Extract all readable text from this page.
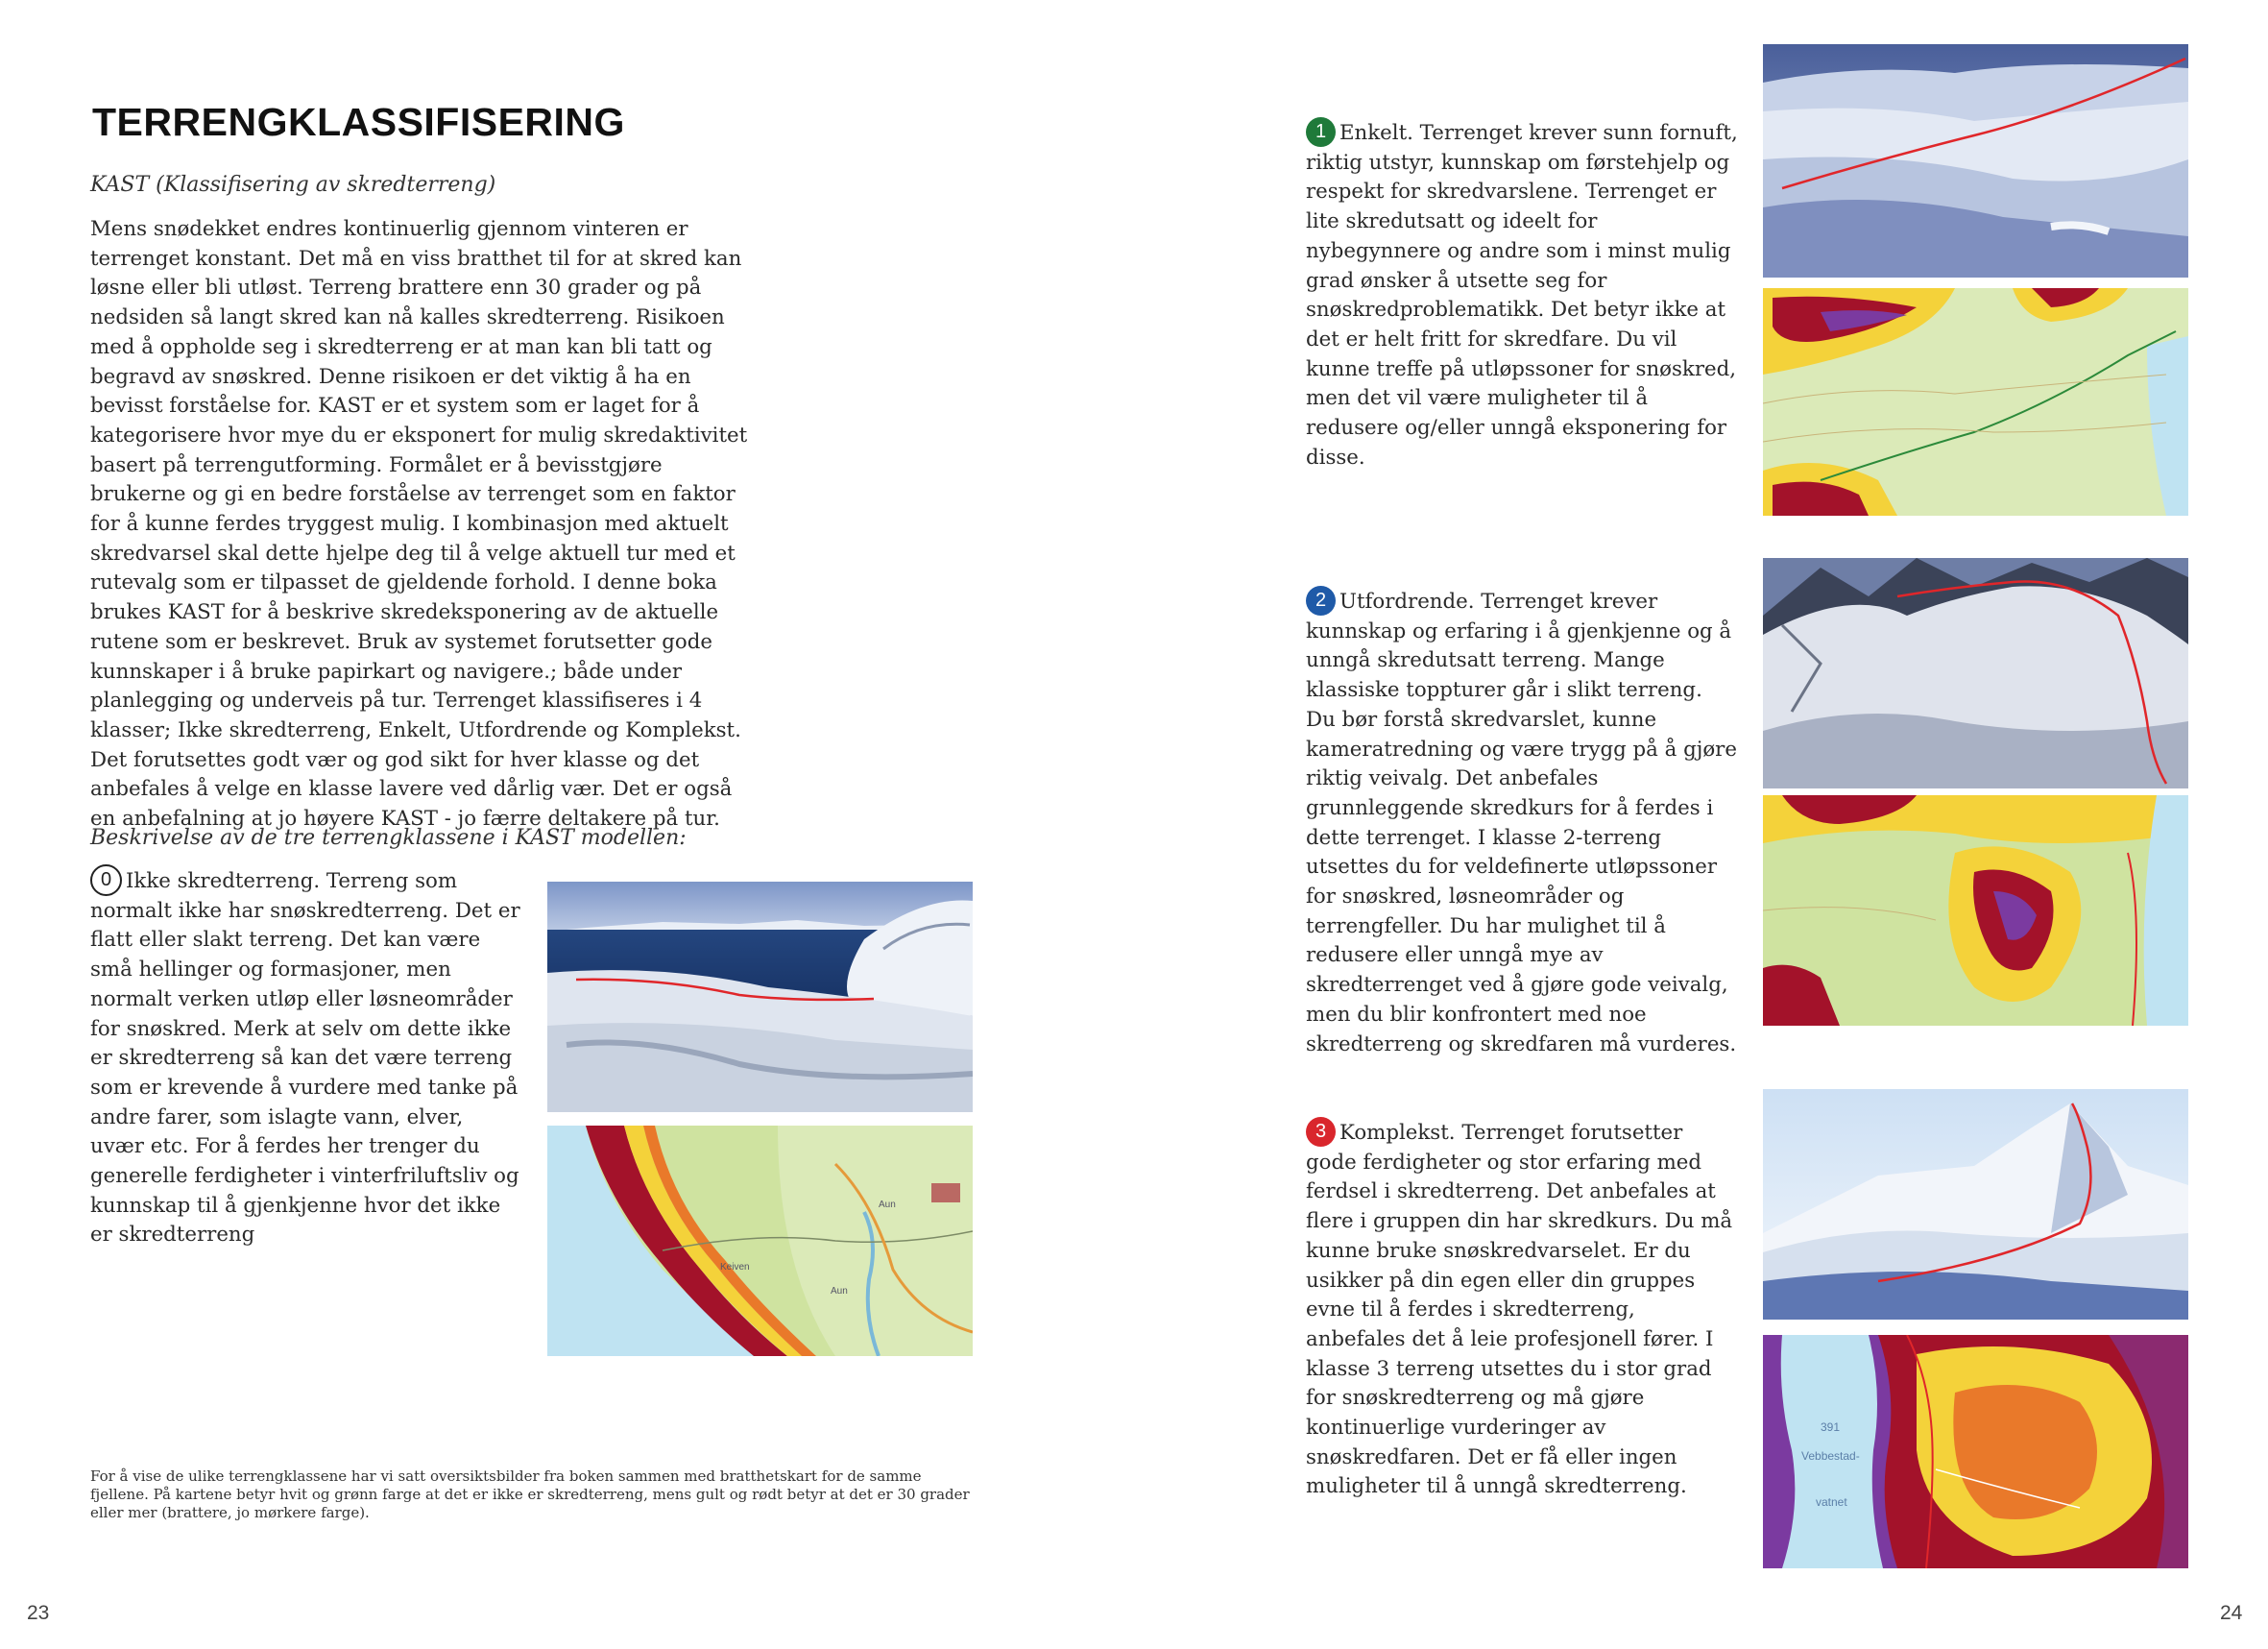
TERRENGKLASSIFISERING
KAST (Klassifisering av skredterreng)

Mens snødekket endres kontinuerlig gjennom vinteren er terrenget konstant. Det må en viss bratthet til for at skred kan løsne eller bli utløst. Terreng brattere enn 30 grader og på nedsiden så langt skred kan nå kalles skredterreng. Risikoen med å oppholde seg i skredterreng er at man kan bli tatt og begravd av snøskred. Denne risikoen er det viktig å ha en bevisst forståelse for. KAST er et system som er laget for å kategorisere hvor mye du er eksponert for mulig skredaktivitet basert på terrengutforming. Formålet er å bevisstgjøre brukerne og gi en bedre forståelse av terrenget som en faktor for å kunne ferdes tryggest mulig. I kombinasjon med aktuelt skredvarsel skal dette hjelpe deg til å velge aktuell tur med et rutevalg som er tilpasset de gjeldende forhold. I denne boka brukes KAST for å beskrive skredeksponering av de aktuelle rutene som er beskrevet. Bruk av systemet forutsetter gode kunnskaper i å bruke papirkart og navigere.; både under planlegging og underveis på tur. Terrenget klassifiseres i 4 klasser; Ikke skredterreng, Enkelt, Utfordrende og Komplekst. Det forutsettes godt vær og god sikt for hver klasse og det anbefales å velge en klasse lavere ved dårlig vær. Det er også en anbefalning at jo høyere KAST - jo færre deltakere på tur.

Beskrivelse av de tre terrengklassene i KAST modellen:

0 Ikke skredterreng. Terreng som normalt ikke har snøskredterreng. Det er flatt eller slakt terreng. Det kan være små hellinger og formasjoner, men normalt verken utløp eller løsneområder for snøskred. Merk at selv om dette ikke er skredterreng så kan det være terreng som er krevende å vurdere med tanke på andre farer, som islagte vann, elver, uvær etc. For å ferdes her trenger du generelle ferdigheter i vinterfriluftsliv og kunnskap til å gjenkjenne hvor det ikke er skredterreng

Aun
Keiven
Aun
For å vise de ulike terrengklassene har vi satt oversiktsbilder fra boken sammen med bratthetskart for de samme fjellene. På kartene betyr hvit og grønn farge at det er ikke er skredterreng, mens gult og rødt betyr at det er 30 grader eller mer (brattere, jo mørkere farge).
23

1 Enkelt. Terrenget krever sunn fornuft, riktig utstyr, kunnskap om førstehjelp og respekt for skredvarslene. Terrenget er lite skredutsatt og ideelt for nybegynnere og andre som i minst mulig grad ønsker å utsette seg for snøskredproblematikk. Det betyr ikke at det er helt fritt for skredfare. Du vil kunne treffe på utløpssoner for snøskred, men det vil være muligheter til å redusere og/eller unngå eksponering for disse.

2 Utfordrende. Terrenget krever kunnskap og erfaring i å gjenkjenne og å unngå skredutsatt terreng. Mange klassiske toppturer går i slikt terreng. Du bør forstå skredvarslet, kunne kameratredning og være trygg på å gjøre riktig veivalg. Det anbefales grunnleggende skredkurs for å ferdes i dette terrenget. I klasse 2-terreng utsettes du for veldefinerte utløpssoner for snøskred, løsneområder og terrengfeller. Du har mulighet til å redusere eller unngå mye av skredterrenget ved å gjøre gode veivalg, men du blir konfrontert med noe skredterreng og skredfaren må vurderes.

3 Komplekst. Terrenget forutsetter gode ferdigheter og stor erfaring med ferdsel i skredterreng. Det anbefales at flere i gruppen din har skredkurs. Du må kunne bruke snøskredvarselet. Er du usikker på din egen eller din gruppes evne til å ferdes i skredterreng, anbefales det å leie profesjonell fører. I klasse 3 terreng utsettes du i stor grad for snøskredterreng og må gjøre kontinuerlige vurderinger av snøskredfaren. Det er få eller ingen muligheter til å unngå skredterreng.

391
Vebbestad-
vatnet
24
